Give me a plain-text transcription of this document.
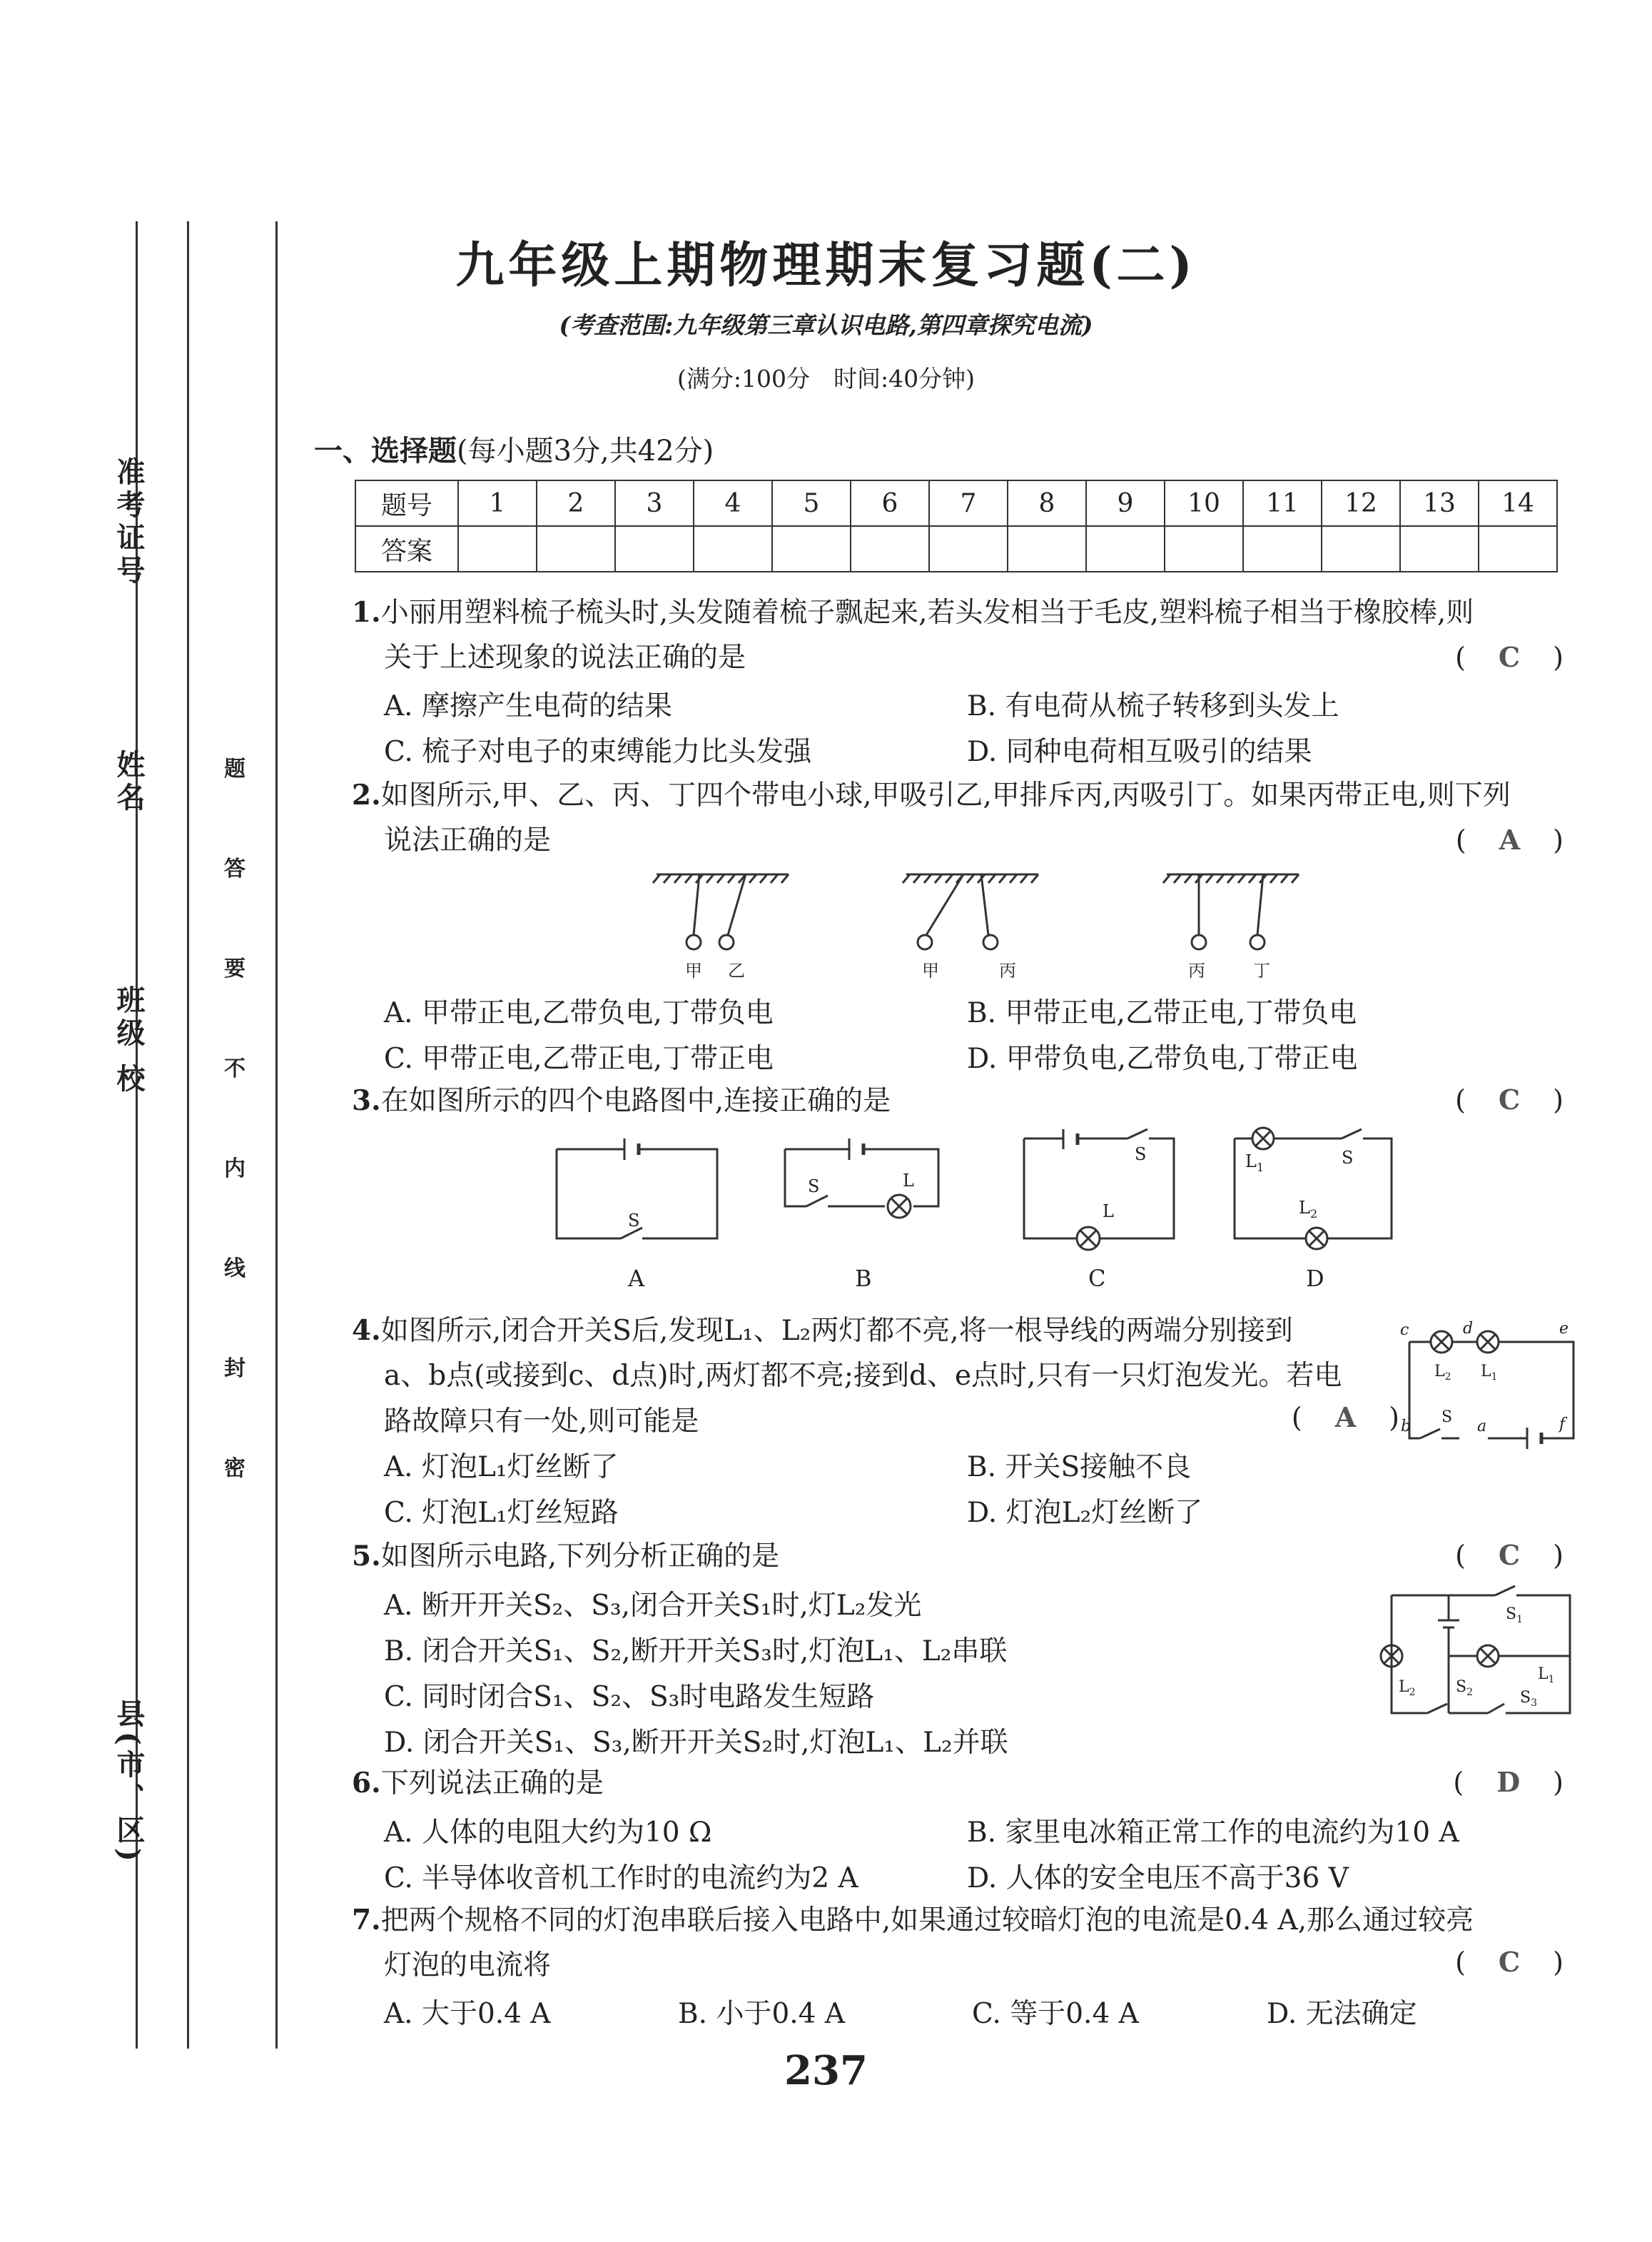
准考证号
姓名
校
班级
县(市、区)
题
答
要
不
内
线
封
密
九年级上期物理期末复习题(二)
(考查范围:九年级第三章认识电路,第四章探究电流)
(满分:100分　时间:40分钟)
一、选择题(每小题3分,共42分)
题号	1	2	3	4	5	6	7	8	9	10	11	12	13	14
答案														
1.小丽用塑料梳子梳头时,头发随着梳子飘起来,若头发相当于毛皮,塑料梳子相当于橡胶棒,则
关于上述现象的说法正确的是	(　C　)
A. 摩擦产生电荷的结果	B. 有电荷从梳子转移到头发上
C. 梳子对电子的束缚能力比头发强	D. 同种电荷相互吸引的结果
2.如图所示,甲、乙、丙、丁四个带电小球,甲吸引乙,甲排斥丙,丙吸引丁。如果丙带正电,则下列
说法正确的是	(　A　)
甲 乙	甲	丙	丙	丁
A. 甲带正电,乙带负电,丁带负电	B. 甲带正电,乙带正电,丁带负电
C. 甲带正电,乙带正电,丁带正电	D. 甲带负电,乙带负电,丁带正电
3.在如图所示的四个电路图中,连接正确的是	(　C　)
S
S	L
S
L
$L_1$	S
$L_2$
A	B	C	D
4.如图所示,闭合开关S后,发现L₁、L₂两灯都不亮,将一根导线的两端分别接到
a、b点(或接到c、d点)时,两灯都不亮;接到d、e点时,只有一只灯泡发光。若电
路故障只有一处,则可能是	(　A　)
c	d	e
b	a	f
$L_2$ $L_1$
S
A. 灯泡L₁灯丝断了	B. 开关S接触不良
C. 灯泡L₁灯丝短路	D. 灯泡L₂灯丝断了
5.如图所示电路,下列分析正确的是	(　C　)
A. 断开开关S₂、S₃,闭合开关S₁时,灯L₂发光
B. 闭合开关S₁、S₂,断开开关S₃时,灯泡L₁、L₂串联
C. 同时闭合S₁、S₂、S₃时电路发生短路
D. 闭合开关S₁、S₃,断开开关S₂时,灯泡L₁、L₂并联
$S_1$
$L_1$
$L_2$	$S_2$	$S_3$
6.下列说法正确的是	(　D　)
A. 人体的电阻大约为10 Ω	B. 家里电冰箱正常工作的电流约为10 A
C. 半导体收音机工作时的电流约为2 A	D. 人体的安全电压不高于36 V
7.把两个规格不同的灯泡串联后接入电路中,如果通过较暗灯泡的电流是0.4 A,那么通过较亮
灯泡的电流将	(　C　)
A. 大于0.4 A	B. 小于0.4 A	C. 等于0.4 A	D. 无法确定
237
